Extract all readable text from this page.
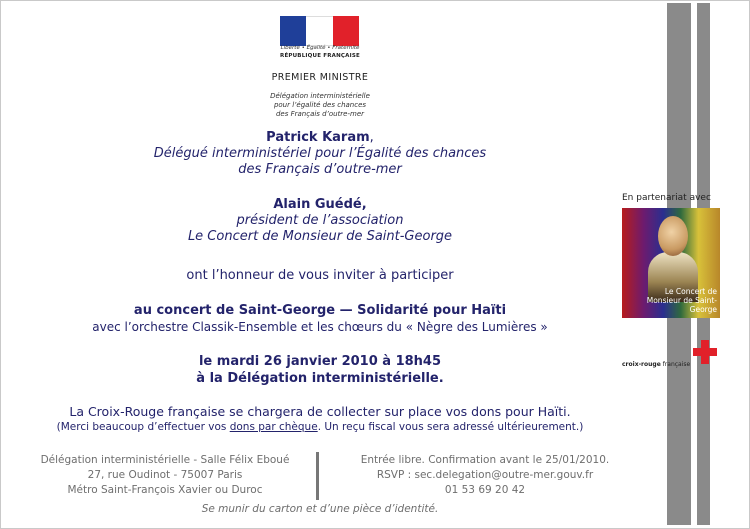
Liberté • Égalité • Fraternité
RÉPUBLIQUE FRANÇAISE
PREMIER MINISTRE
Délégation interministérielle
pour l’égalité des chances
des Français d’outre-mer
Patrick Karam,
Délégué interministériel pour l’Égalité des chances
des Français d’outre-mer
Alain Guédé,
président de l’association
Le Concert de Monsieur de Saint-George
ont l’honneur de vous inviter à participer
au concert de Saint-George — Solidarité pour Haïti
avec l’orchestre Classik-Ensemble et les chœurs du « Nègre des Lumières »
le mardi 26 janvier 2010 à 18h45
à la Délégation interministérielle.
La Croix-Rouge française se chargera de collecter sur place vos dons pour Haïti.
(Merci beaucoup d’effectuer vos dons par chèque. Un reçu fiscal vous sera adressé ultérieurement.)
Délégation interministérielle - Salle Félix Eboué
27, rue Oudinot - 75007 Paris
Métro Saint-François Xavier ou Duroc
Entrée libre. Confirmation avant le 25/01/2010.
RSVP : sec.delegation@outre-mer.gouv.fr
01 53 69 20 42
Se munir du carton et d’une pièce d’identité.
En partenariat avec
Le Concert de
Monsieur de Saint-George
croix-rouge française
